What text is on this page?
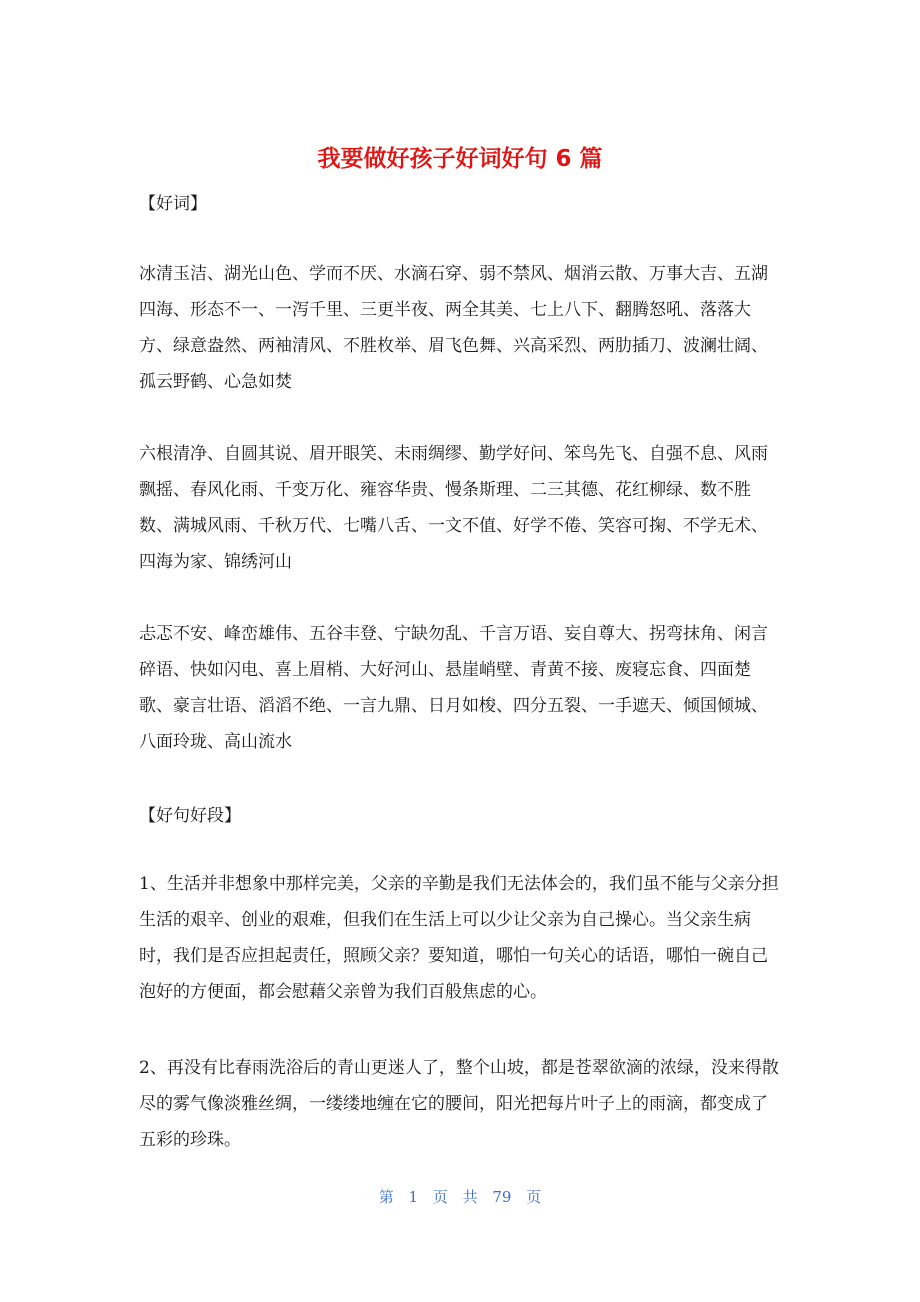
我要做好孩子好词好句 6 篇

【好词】

冰清玉洁、湖光山色、学而不厌、水滴石穿、弱不禁风、烟消云散、万事大吉、五湖四海、形态不一、一泻千里、三更半夜、两全其美、七上八下、翻腾怒吼、落落大方、绿意盎然、两袖清风、不胜枚举、眉飞色舞、兴高采烈、两肋插刀、波澜壮阔、孤云野鹤、心急如焚

六根清净、自圆其说、眉开眼笑、未雨绸缪、勤学好问、笨鸟先飞、自强不息、风雨飘摇、春风化雨、千变万化、雍容华贵、慢条斯理、二三其德、花红柳绿、数不胜数、满城风雨、千秋万代、七嘴八舌、一文不值、好学不倦、笑容可掬、不学无术、四海为家、锦绣河山

忐忑不安、峰峦雄伟、五谷丰登、宁缺勿乱、千言万语、妄自尊大、拐弯抹角、闲言碎语、快如闪电、喜上眉梢、大好河山、悬崖峭壁、青黄不接、废寝忘食、四面楚歌、豪言壮语、滔滔不绝、一言九鼎、日月如梭、四分五裂、一手遮天、倾国倾城、八面玲珑、高山流水

【好句好段】

1、生活并非想象中那样完美，父亲的辛勤是我们无法体会的，我们虽不能与父亲分担生活的艰辛、创业的艰难，但我们在生活上可以少让父亲为自己操心。当父亲生病时，我们是否应担起责任，照顾父亲？要知道，哪怕一句关心的话语，哪怕一碗自己泡好的方便面，都会慰藉父亲曾为我们百般焦虑的心。

2、再没有比春雨洗浴后的青山更迷人了，整个山坡，都是苍翠欲滴的浓绿，没来得散尽的雾气像淡雅丝绸，一缕缕地缠在它的腰间，阳光把每片叶子上的雨滴，都变成了五彩的珍珠。

第 1 页 共 79 页
